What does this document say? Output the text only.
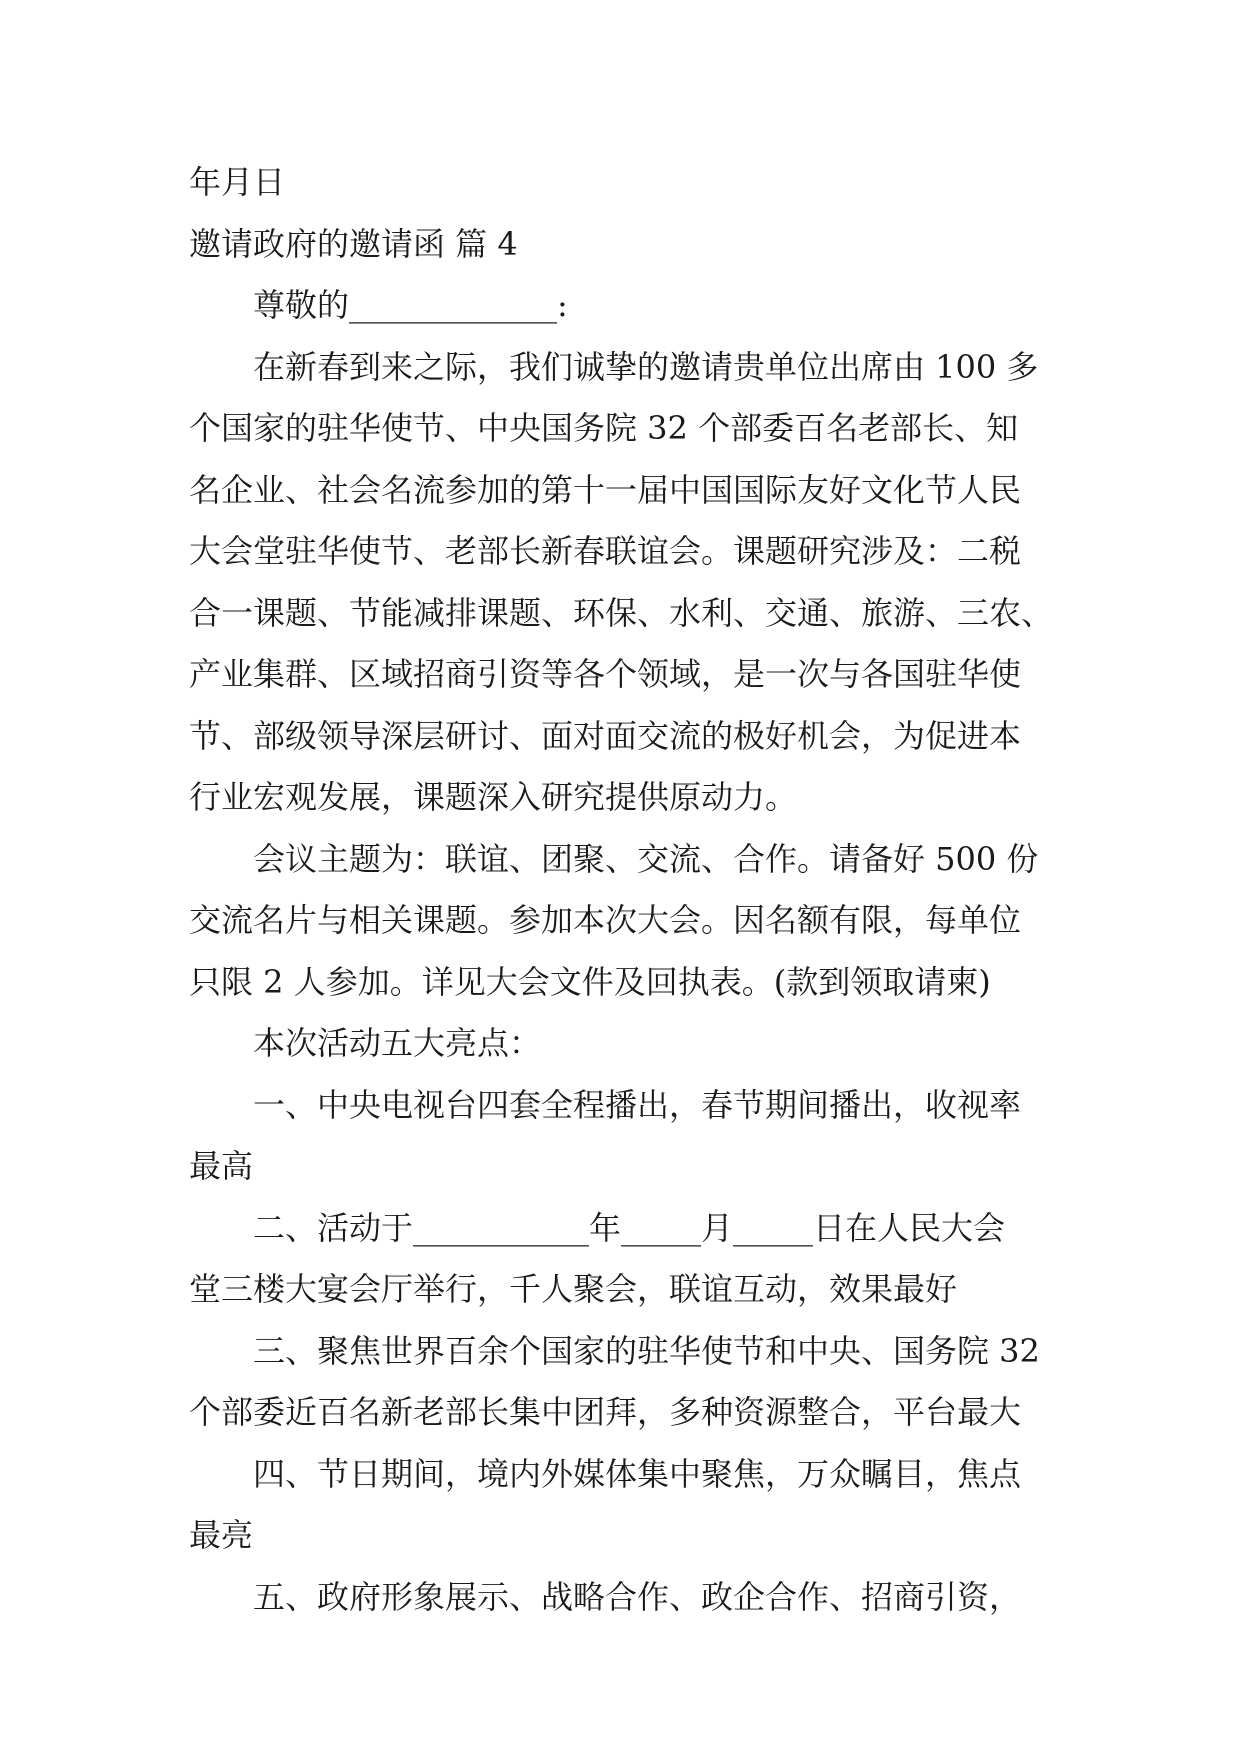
年月日
邀请政府的邀请函 篇 4
尊敬的_____________:
在新春到来之际，我们诚挚的邀请贵单位出席由 100 多
个国家的驻华使节、中央国务院 32 个部委百名老部长、知
名企业、社会名流参加的第十一届中国国际友好文化节人民
大会堂驻华使节、老部长新春联谊会。课题研究涉及：二税
合一课题、节能减排课题、环保、水利、交通、旅游、三农、
产业集群、区域招商引资等各个领域，是一次与各国驻华使
节、部级领导深层研讨、面对面交流的极好机会，为促进本
行业宏观发展，课题深入研究提供原动力。
会议主题为：联谊、团聚、交流、合作。请备好 500 份
交流名片与相关课题。参加本次大会。因名额有限，每单位
只限 2 人参加。详见大会文件及回执表。(款到领取请柬)
本次活动五大亮点：
一、中央电视台四套全程播出，春节期间播出，收视率
最高
二、活动于___________年_____月_____日在人民大会
堂三楼大宴会厅举行，千人聚会，联谊互动，效果最好
三、聚焦世界百余个国家的驻华使节和中央、国务院 32
个部委近百名新老部长集中团拜，多种资源整合，平台最大
四、节日期间，境内外媒体集中聚焦，万众瞩目，焦点
最亮
五、政府形象展示、战略合作、政企合作、招商引资，
